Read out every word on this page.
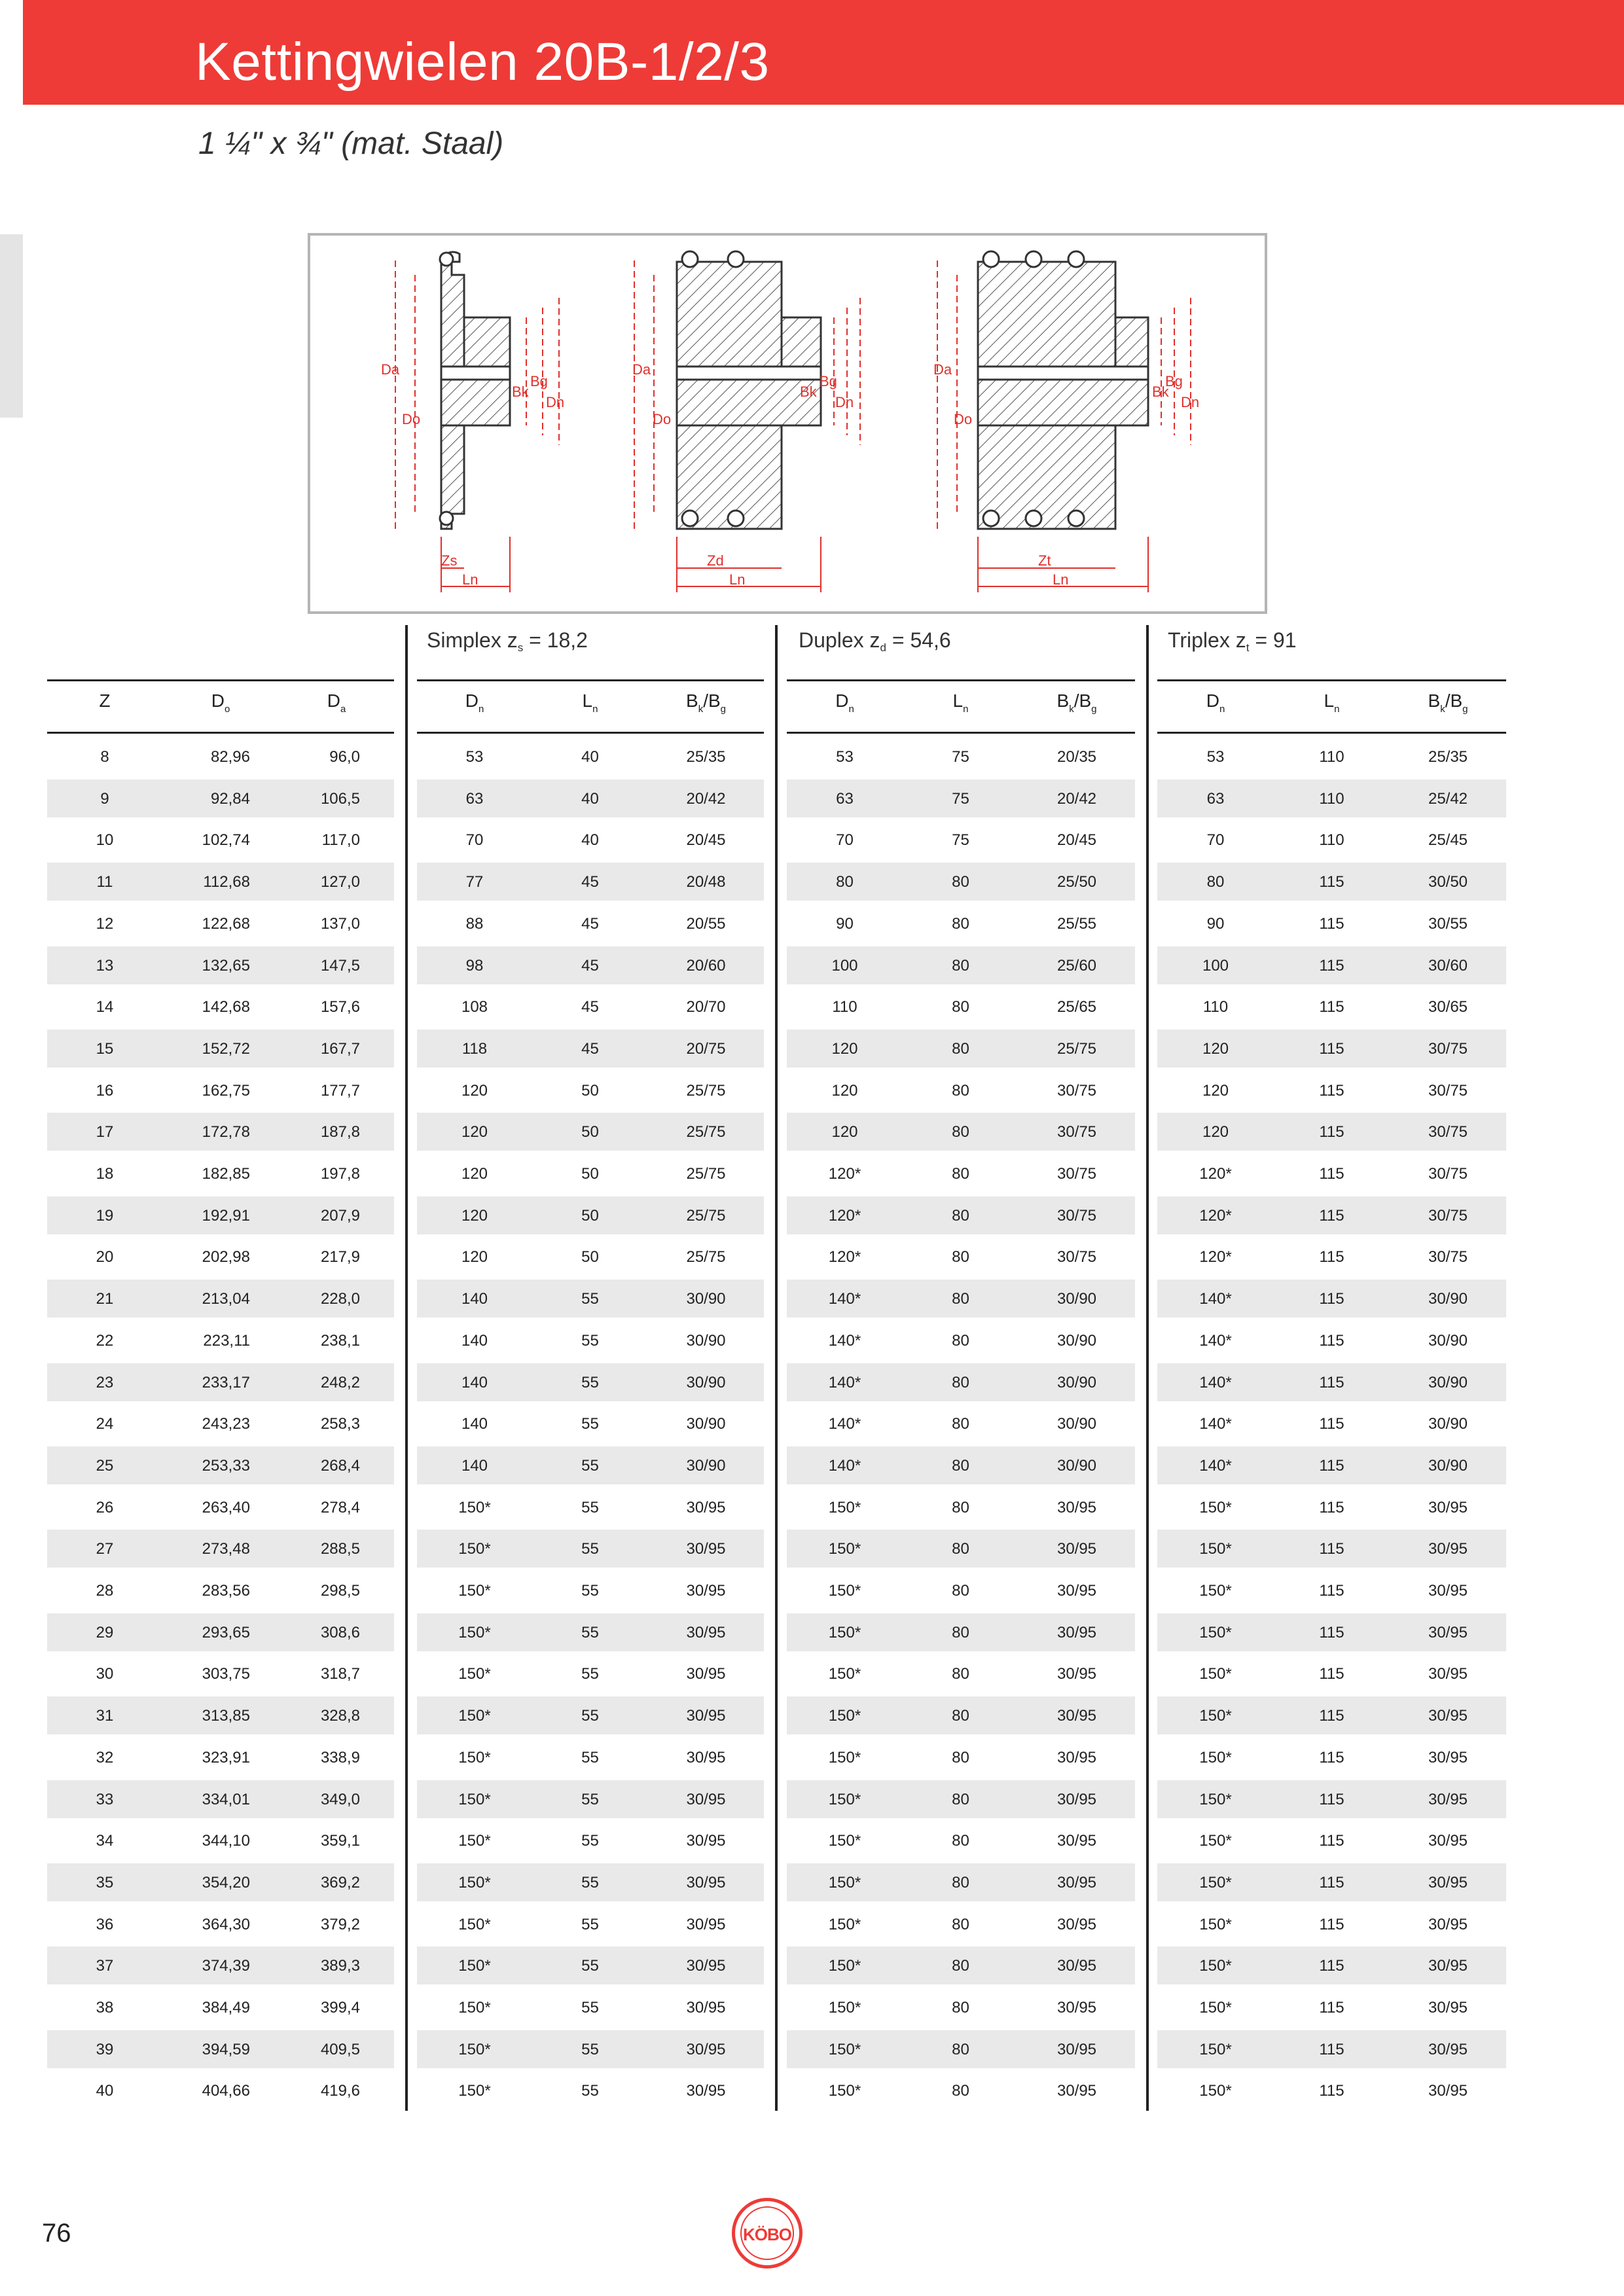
Kettingwielen 20B-1/2/3
1 ¼" x ¾" (mat. Staal)
Da
Do
Bk
Bg
Dn
Zs
Ln
Da
Do
Bk
Bg
Dn
Zd
Ln
Da
Do
Bk
Bg
Dn
Zt
Ln
Simplex $z_s = 18,2$	Duplex $z_d = 54,6$	Triplex $z_t = 91$
Z	$D_o$	$D_a$	$D_n$	$L_n$	$B_k/B_g$	$D_n$	$L_n$	$B_k/B_g$	$D_n$	$L_n$	$B_k/B_g$
8	82,96	96,0	53	40	25/35	53	75	20/35	53	110	25/35
9	92,84	106,5	63	40	20/42	63	75	20/42	63	110	25/42
10	102,74	117,0	70	40	20/45	70	75	20/45	70	110	25/45
11	112,68	127,0	77	45	20/48	80	80	25/50	80	115	30/50
12	122,68	137,0	88	45	20/55	90	80	25/55	90	115	30/55
13	132,65	147,5	98	45	20/60	100	80	25/60	100	115	30/60
14	142,68	157,6	108	45	20/70	110	80	25/65	110	115	30/65
15	152,72	167,7	118	45	20/75	120	80	25/75	120	115	30/75
16	162,75	177,7	120	50	25/75	120	80	30/75	120	115	30/75
17	172,78	187,8	120	50	25/75	120	80	30/75	120	115	30/75
18	182,85	197,8	120	50	25/75	120*	80	30/75	120*	115	30/75
19	192,91	207,9	120	50	25/75	120*	80	30/75	120*	115	30/75
20	202,98	217,9	120	50	25/75	120*	80	30/75	120*	115	30/75
21	213,04	228,0	140	55	30/90	140*	80	30/90	140*	115	30/90
22	223,11	238,1	140	55	30/90	140*	80	30/90	140*	115	30/90
23	233,17	248,2	140	55	30/90	140*	80	30/90	140*	115	30/90
24	243,23	258,3	140	55	30/90	140*	80	30/90	140*	115	30/90
25	253,33	268,4	140	55	30/90	140*	80	30/90	140*	115	30/90
26	263,40	278,4	150*	55	30/95	150*	80	30/95	150*	115	30/95
27	273,48	288,5	150*	55	30/95	150*	80	30/95	150*	115	30/95
28	283,56	298,5	150*	55	30/95	150*	80	30/95	150*	115	30/95
29	293,65	308,6	150*	55	30/95	150*	80	30/95	150*	115	30/95
30	303,75	318,7	150*	55	30/95	150*	80	30/95	150*	115	30/95
31	313,85	328,8	150*	55	30/95	150*	80	30/95	150*	115	30/95
32	323,91	338,9	150*	55	30/95	150*	80	30/95	150*	115	30/95
33	334,01	349,0	150*	55	30/95	150*	80	30/95	150*	115	30/95
34	344,10	359,1	150*	55	30/95	150*	80	30/95	150*	115	30/95
35	354,20	369,2	150*	55	30/95	150*	80	30/95	150*	115	30/95
36	364,30	379,2	150*	55	30/95	150*	80	30/95	150*	115	30/95
37	374,39	389,3	150*	55	30/95	150*	80	30/95	150*	115	30/95
38	384,49	399,4	150*	55	30/95	150*	80	30/95	150*	115	30/95
39	394,59	409,5	150*	55	30/95	150*	80	30/95	150*	115	30/95
40	404,66	419,6	150*	55	30/95	150*	80	30/95	150*	115	30/95
76	KÖBO
